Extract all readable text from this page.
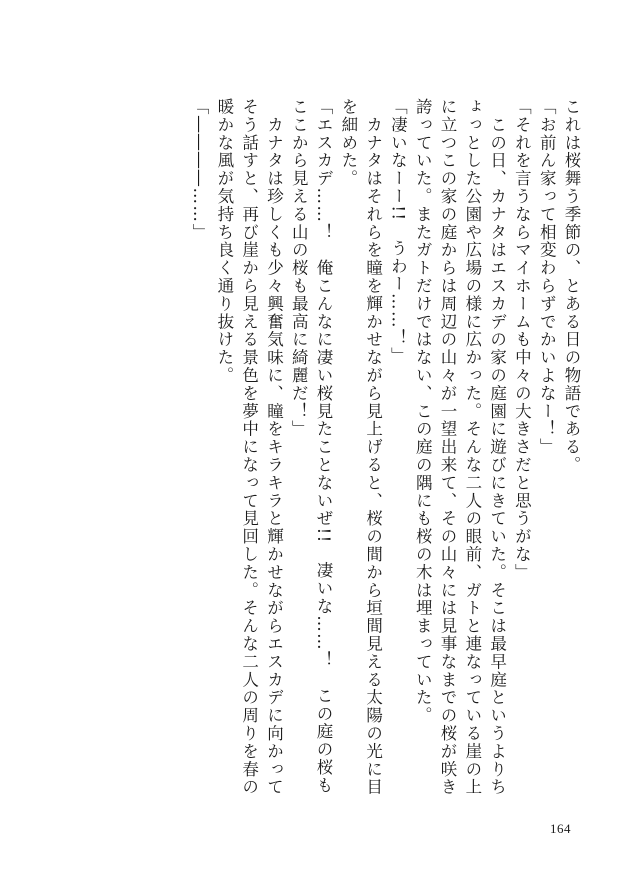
これは桜舞う季節の、とある日の物語である。

「お前ん家って相変わらずでかいよなー！」

「それを言うならマイホームも中々の大きさだと思うがな」

　この日、カナタはエスカデの家の庭園に遊びにきていた。そこは最早庭というよりちょっとした公園や広場の様に広かった。そんな二人の眼前、ガトと連なっている崖の上に立つこの家の庭からは周辺の山々が一望出来て、その山々には見事なまでの桜が咲き誇っていた。またガトだけではない、この庭の隅にも桜の木は埋まっていた。

「凄いなーー!!　うわー……！」

　カナタはそれらを瞳を輝かせながら見上げると、桜の間から垣間見える太陽の光に目を細めた。

「エスカデ……！　俺こんなに凄い桜見たことないぜ!!　凄いな……！　この庭の桜もここから見える山の桜も最高に綺麗だ！」

　カナタは珍しくも少々興奮気味に、瞳をキラキラと輝かせながらエスカデに向かってそう話すと、再び崖から見える景色を夢中になって見回した。そんな二人の周りを春の暖かな風が気持ち良く通り抜けた。

「――――……」

164
